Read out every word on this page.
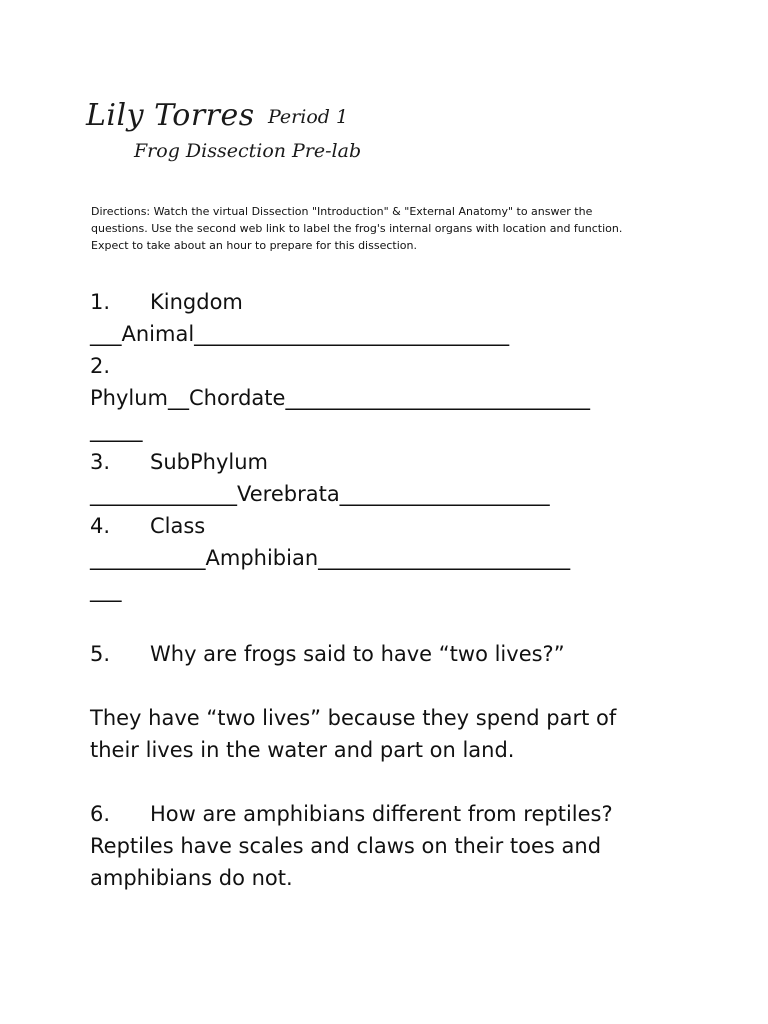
Lily Torres Period 1
Frog Dissection Pre-lab
Directions: Watch the virtual Dissection "Introduction" & "External Anatomy" to answer the questions. Use the second web link to label the frog's internal organs with location and function. Expect to take about an hour to prepare for this dissection.
1. Kingdom
___Animal______________________________
2.
Phylum__Chordate_____________________________
_____
3. SubPhylum
______________Verebrata____________________
4. Class
___________Amphibian________________________
___
5. Why are frogs said to have “two lives?”
They have “two lives” because they spend part of their lives in the water and part on land.
6. How are amphibians different from reptiles?
Reptiles have scales and claws on their toes and amphibians do not.
